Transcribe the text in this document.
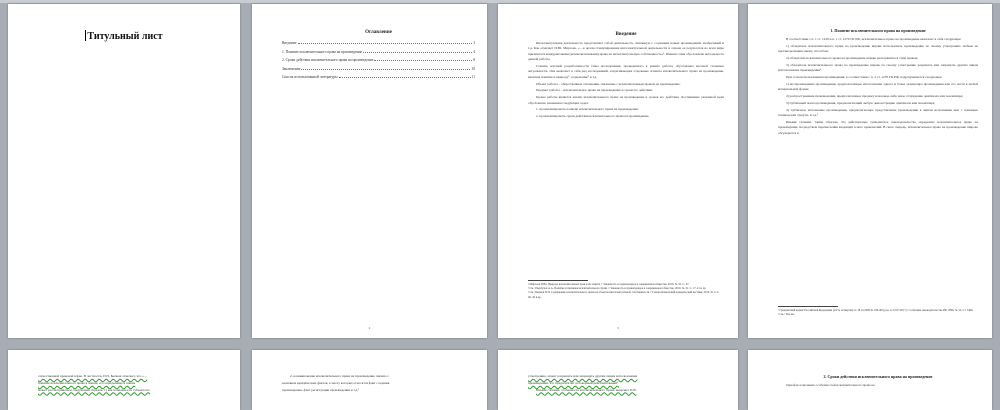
Титульный лист	Оглавление
Введение	3
1. Понятие исключительного права на произведение	4
2. Сроки действия исключительного права на произведение	8
Заключение	10
Список использованной литературы	11
2
Введение

Интеллектуальная деятельность представляет собой деятельность, связанную с созданием новых произведений, изобретений и т.д. Как отмечает И.Ю. Мирзоев, «…в целом стимулирование интеллектуальной деятельности и охрана ее результатов во всем мире признаются конкурентными (исключительными) права на интеллектуальную собственность»¹. Именно этим обусловлена актуальность данной работы.

Степень научной разработанности темы исследования, проведенного в рамках работы, обусловлена весомой степенью актуальности. Она включает в себя ряд исследований, затрагивающих отдельные аспекты исключительного права на произведение, включая понятие и природу², содержание³ и т.д.

Объект работы – общественные отношения, связанные с исключительным правом на произведение.

Предмет работы – исключительное право на произведение и сроки его действия.

Целью работы является анализ исключительного права на произведение и сроков его действия. Достижению указанной цели обусловлено решением следующих задач:

1. проанализировать понятие исключительного права на произведение;

2. проанализировать сроки действия исключительного права на произведение.

¹ Мирзоев И.Ю. Природа исключительных прав и их защита // Законность и правопорядок в современном обществе. 2016. № 32. С. 47.

² См.: Пырбулов А.А. Понятие и признаки исключительного права // Законность и правопорядок в современном обществе. 2016. № 31. С. 17–21 и др.

³ См.: Бычков П.П. Содержание исключительного права на объекты интеллектуальной собственности // Северо-Кавказский юридический вестник. 2014. № 3. С. 40–42 и др.

3
1. Понятие исключительного права на произведение

В соответствии с п. 1 ст. 1229 и п. 1 ст. 1270 ГК РФ, исключительное право на произведение включает в себя следующее:

1) обладатель исключительного права на произведение вправе использовать произведение по своему усмотрению любым не противоречащим закону способом;

2) обладатель исключительного права на произведение вправе распоряжаться этим правом;

3) обладатель исключительного права на произведение вправе по своему усмотрению разрешать или запрещать другим лицам использование произведения¹.

При этом использованием произведения, в соответствии с п. 2 ст. 1270 ГК РФ, подразумевается следующее:

1) воспроизведение произведения, предполагающее изготовление одного и более экземпляра произведения или его части в любой материальной форме;

2) распространение произведения, предполагающее продажу или какое-либо иное отчуждение оригинала или экземпляра;

3) публичный показ произведения, предполагающий любую демонстрацию оригинала или экземпляра;

4) публичное исполнение произведения, предполагающее представление произведения в живом исполнении или с помощью технических средств, и т.д.²

Иными словами, таким образом, что действующее гражданское законодательство определяет исключительное право на произведение посредством перечисления входящих в него правомочий. В свою очередь, исключительное право на произведение широко обсуждается в

¹ Гражданский кодекс Российской Федерации (часть четвертая) от 18.12.2006 № 230-ФЗ (ред. от 01.07.2017) // Собрание законодательства РФ. 2006. № 52. Ст. 5496.

² См.: Там же.

отечественной правовой науке. В частности, П.П. Бычков отмечает, что «…

понятие исключительного права в законе, его определение в законе

может рассматриваться следующим образом, 1) как возможность субъекта по

2. возникновение исключительного права на произведение связано с

наличием юридических фактов, к числу которых относятся факт создания

произведения, факт регистрации произведения и т.д.²

усмотрению, может разрешать или запрещать другим лицам использование

произведения, что предполагает договорный действительный¹.

Иными словами, особенность исключительного права, выделяет П.В.

2. Сроки действия исключительного права на произведение

Одной из ключевых особенностей исключительного права на
